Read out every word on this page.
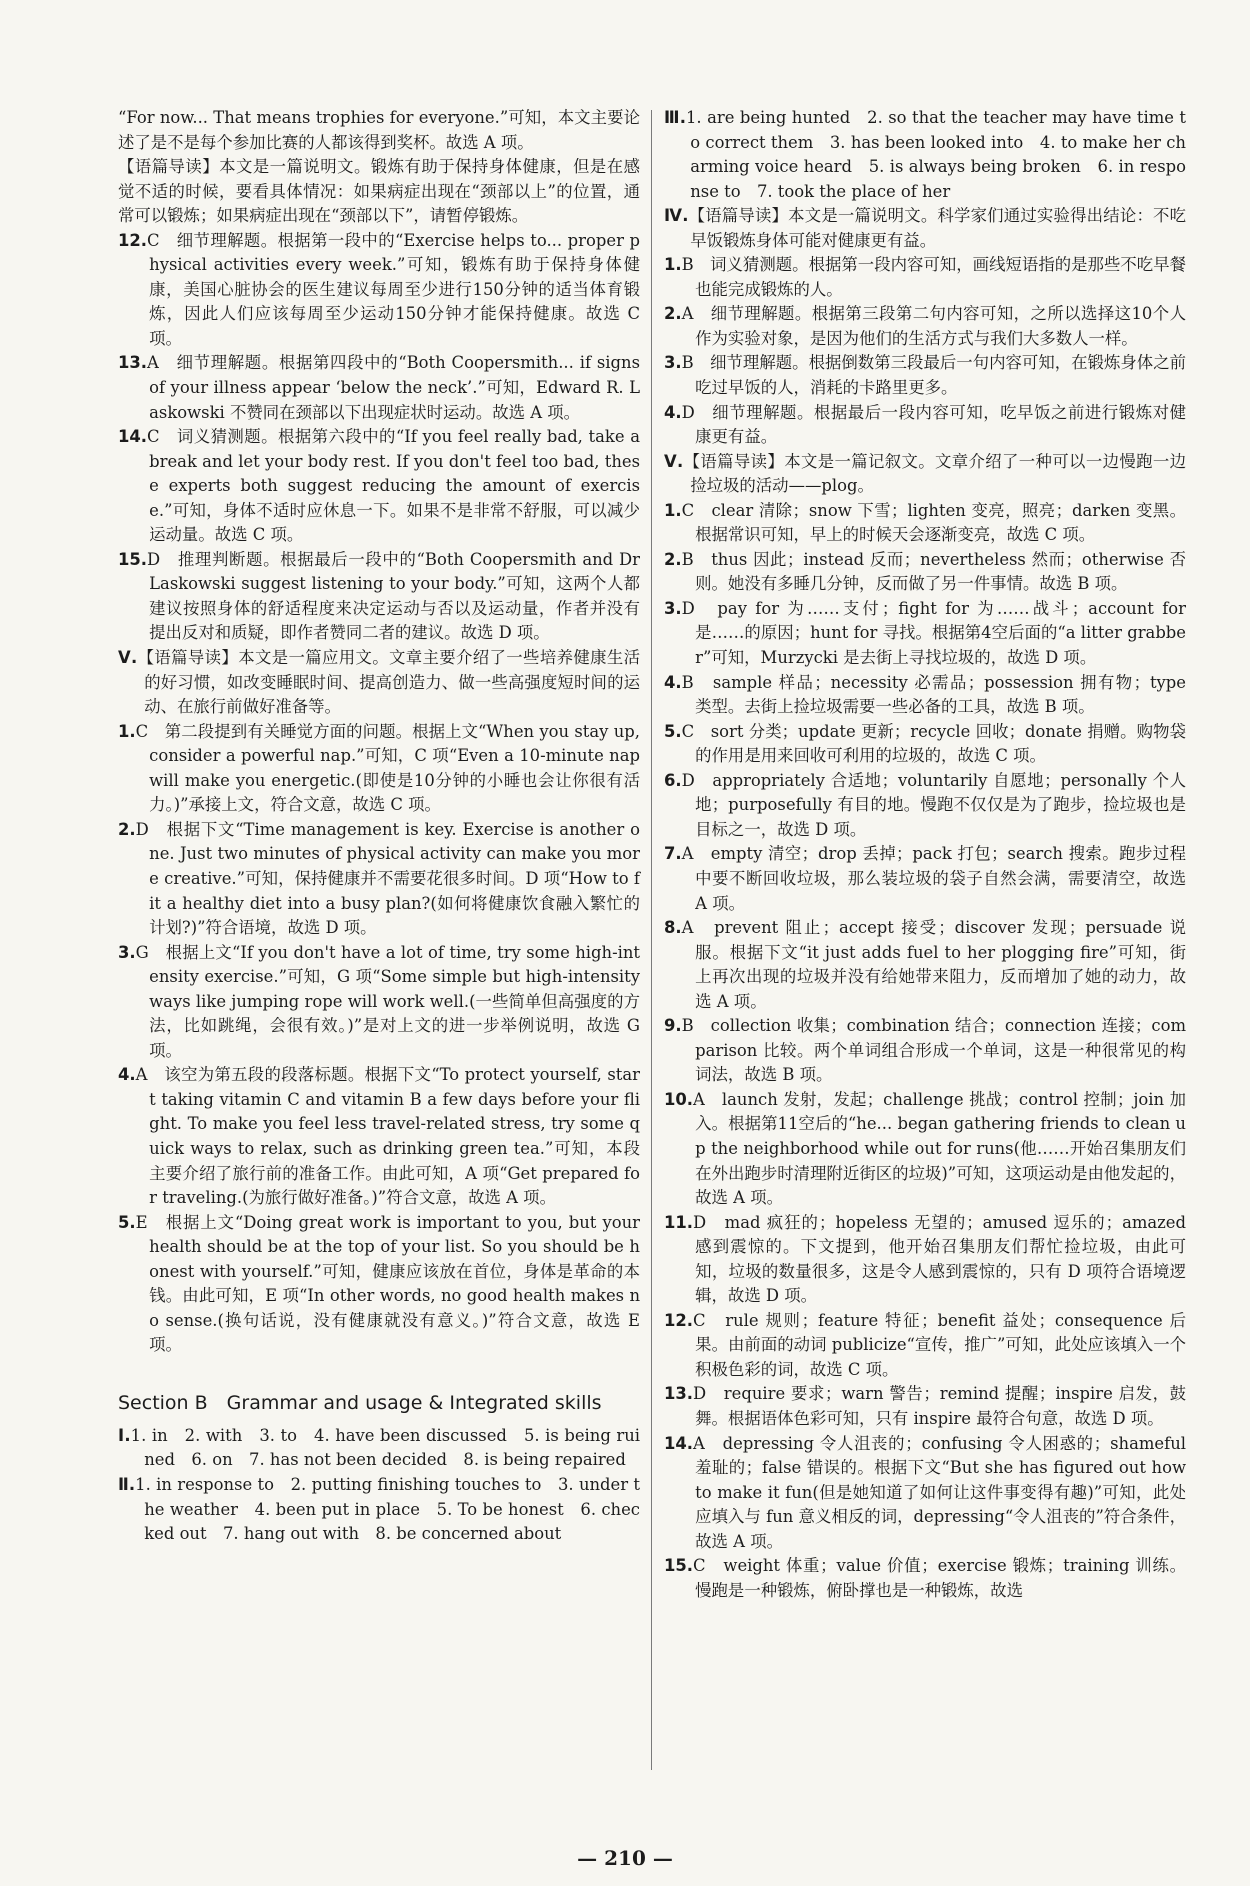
“For now... That means trophies for everyone.”可知，本文主要论述了是不是每个参加比赛的人都该得到奖杯。故选 A 项。

【语篇导读】本文是一篇说明文。锻炼有助于保持身体健康，但是在感觉不适的时候，要看具体情况：如果病症出现在“颈部以上”的位置，通常可以锻炼；如果病症出现在“颈部以下”，请暂停锻炼。

12.C　细节理解题。根据第一段中的“Exercise helps to... proper physical activities every week.”可知，锻炼有助于保持身体健康，美国心脏协会的医生建议每周至少进行150分钟的适当体育锻炼，因此人们应该每周至少运动150分钟才能保持健康。故选 C 项。

13.A　细节理解题。根据第四段中的“Both Coopersmith... if signs of your illness appear ‘below the neck’.”可知，Edward R. Laskowski 不赞同在颈部以下出现症状时运动。故选 A 项。

14.C　词义猜测题。根据第六段中的“If you feel really bad, take a break and let your body rest. If you don't feel too bad, these experts both suggest reducing the amount of exercise.”可知，身体不适时应休息一下。如果不是非常不舒服，可以减少运动量。故选 C 项。

15.D　推理判断题。根据最后一段中的“Both Coopersmith and Dr Laskowski suggest listening to your body.”可知，这两个人都建议按照身体的舒适程度来决定运动与否以及运动量，作者并没有提出反对和质疑，即作者赞同二者的建议。故选 D 项。

Ⅴ.【语篇导读】本文是一篇应用文。文章主要介绍了一些培养健康生活的好习惯，如改变睡眠时间、提高创造力、做一些高强度短时间的运动、在旅行前做好准备等。

1.C　第二段提到有关睡觉方面的问题。根据上文“When you stay up, consider a powerful nap.”可知，C 项“Even a 10-minute nap will make you energetic.(即使是10分钟的小睡也会让你很有活力。)”承接上文，符合文意，故选 C 项。

2.D　根据下文“Time management is key. Exercise is another one. Just two minutes of physical activity can make you more creative.”可知，保持健康并不需要花很多时间。D 项“How to fit a healthy diet into a busy plan?(如何将健康饮食融入繁忙的计划?)”符合语境，故选 D 项。

3.G　根据上文“If you don't have a lot of time, try some high-intensity exercise.”可知，G 项“Some simple but high-intensity ways like jumping rope will work well.(一些简单但高强度的方法，比如跳绳，会很有效。)”是对上文的进一步举例说明，故选 G 项。

4.A　该空为第五段的段落标题。根据下文“To protect yourself, start taking vitamin C and vitamin B a few days before your flight. To make you feel less travel-related stress, try some quick ways to relax, such as drinking green tea.”可知，本段主要介绍了旅行前的准备工作。由此可知，A 项“Get prepared for traveling.(为旅行做好准备。)”符合文意，故选 A 项。

5.E　根据上文“Doing great work is important to you, but your health should be at the top of your list. So you should be honest with yourself.”可知，健康应该放在首位，身体是革命的本钱。由此可知，E 项“In other words, no good health makes no sense.(换句话说，没有健康就没有意义。)”符合文意，故选 E 项。

Section B　Grammar and usage & Integrated skills

Ⅰ.1. in　2. with　3. to　4. have been discussed　5. is being ruined　6. on　7. has not been decided　8. is being repaired

Ⅱ.1. in response to　2. putting finishing touches to　3. under the weather　4. been put in place　5. To be honest　6. checked out　7. hang out with　8. be concerned about

Ⅲ.1. are being hunted　2. so that the teacher may have time to correct them　3. has been looked into　4. to make her charming voice heard　5. is always being broken　6. in response to　7. took the place of her

Ⅳ.【语篇导读】本文是一篇说明文。科学家们通过实验得出结论：不吃早饭锻炼身体可能对健康更有益。

1.B　词义猜测题。根据第一段内容可知，画线短语指的是那些不吃早餐也能完成锻炼的人。

2.A　细节理解题。根据第三段第二句内容可知，之所以选择这10个人作为实验对象，是因为他们的生活方式与我们大多数人一样。

3.B　细节理解题。根据倒数第三段最后一句内容可知，在锻炼身体之前吃过早饭的人，消耗的卡路里更多。

4.D　细节理解题。根据最后一段内容可知，吃早饭之前进行锻炼对健康更有益。

Ⅴ.【语篇导读】本文是一篇记叙文。文章介绍了一种可以一边慢跑一边捡垃圾的活动——plog。

1.C　clear 清除；snow 下雪；lighten 变亮，照亮；darken 变黑。根据常识可知，早上的时候天会逐渐变亮，故选 C 项。

2.B　thus 因此；instead 反而；nevertheless 然而；otherwise 否则。她没有多睡几分钟，反而做了另一件事情。故选 B 项。

3.D　pay for 为……支付；fight for 为……战斗；account for 是……的原因；hunt for 寻找。根据第4空后面的“a litter grabber”可知，Murzycki 是去街上寻找垃圾的，故选 D 项。

4.B　sample 样品；necessity 必需品；possession 拥有物；type 类型。去街上捡垃圾需要一些必备的工具，故选 B 项。

5.C　sort 分类；update 更新；recycle 回收；donate 捐赠。购物袋的作用是用来回收可利用的垃圾的，故选 C 项。

6.D　appropriately 合适地；voluntarily 自愿地；personally 个人地；purposefully 有目的地。慢跑不仅仅是为了跑步，捡垃圾也是目标之一，故选 D 项。

7.A　empty 清空；drop 丢掉；pack 打包；search 搜索。跑步过程中要不断回收垃圾，那么装垃圾的袋子自然会满，需要清空，故选 A 项。

8.A　prevent 阻止；accept 接受；discover 发现；persuade 说服。根据下文“it just adds fuel to her plogging fire”可知，街上再次出现的垃圾并没有给她带来阻力，反而增加了她的动力，故选 A 项。

9.B　collection 收集；combination 结合；connection 连接；comparison 比较。两个单词组合形成一个单词，这是一种很常见的构词法，故选 B 项。

10.A　launch 发射，发起；challenge 挑战；control 控制；join 加入。根据第11空后的“he... began gathering friends to clean up the neighborhood while out for runs(他……开始召集朋友们在外出跑步时清理附近街区的垃圾)”可知，这项运动是由他发起的，故选 A 项。

11.D　mad 疯狂的；hopeless 无望的；amused 逗乐的；amazed 感到震惊的。下文提到，他开始召集朋友们帮忙捡垃圾，由此可知，垃圾的数量很多，这是令人感到震惊的，只有 D 项符合语境逻辑，故选 D 项。

12.C　rule 规则；feature 特征；benefit 益处；consequence 后果。由前面的动词 publicize“宣传，推广”可知，此处应该填入一个积极色彩的词，故选 C 项。

13.D　require 要求；warn 警告；remind 提醒；inspire 启发，鼓舞。根据语体色彩可知，只有 inspire 最符合句意，故选 D 项。

14.A　depressing 令人沮丧的；confusing 令人困惑的；shameful 羞耻的；false 错误的。根据下文“But she has figured out how to make it fun(但是她知道了如何让这件事变得有趣)”可知，此处应填入与 fun 意义相反的词，depressing“令人沮丧的”符合条件，故选 A 项。

15.C　weight 体重；value 价值；exercise 锻炼；training 训练。慢跑是一种锻炼，俯卧撑也是一种锻炼，故选

— 210 —
